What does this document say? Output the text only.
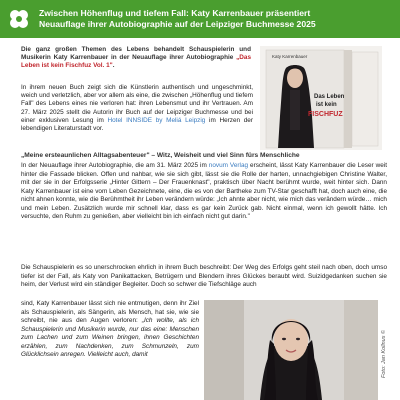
Zwischen Höhenflug und tiefem Fall: Katy Karrenbauer präsentiert
Neuauflage ihrer Autobiographie auf der Leipziger Buchmesse 2025
Die ganz großen Themen des Lebens behandelt Schauspielerin und Musikerin Katy Karrenbauer in der Neuauflage ihrer Autobiographie „Das Leben ist kein Fischfuz Vol. 1".
In ihrem neuen Buch zeigt sich die Künstlerin authentisch und ungeschminkt, weich und verletzlich, aber vor allem als eine, die zwischen „Höhenflug und tiefem Fall" des Lebens eines nie verloren hat: ihren Lebensmut und ihr Vertrauen. Am 27. März 2025 stellt die Autorin ihr Buch auf der Leipziger Buchmesse und bei einer exklusiven Lesung im Hotel INNSIDE by Meliá Leipzig im Herzen der lebendigen Literaturstadt vor.
Katy Karrenbauer
Das Leben
ist kein
FISCHFUZ
„Meine ersteaunlichen Alltagsabenteuer" – Witz, Weisheit und viel Sinn fürs Menschliche
In der Neuauflage ihrer Autobiographie, die am 31. März 2025 im novum Verlag erscheint, lässt Katy Karrenbauer die Leser weit hinter die Fassade blicken. Offen und nahbar, wie sie sich gibt, lässt sie die Rolle der harten, unnachgiebigen Christine Walter, mit der sie in der Erfolgsserie „Hinter Gittern – Der Frauenknast", praktisch über Nacht berühmt wurde, weit hinter sich. Dann Katy Karrenbauer ist eine vom Leben Gezeichnete, eine, die es von der Bartheke zum TV-Star geschafft hat, doch auch eine, die nicht ahnen konnte, wie die Berühmtheit ihr Leben verändern würde: „Ich ahnte aber nicht, wie mich das verändern würde… mich und mein Leben. Zusätzlich wurde mir schnell klar, dass es gar kein Zurück gab. Nicht einmal, wenn ich gewollt hätte. Ich versuchte, den Ruhm zu genießen, aber vielleicht bin ich einfach nicht gut darin."
Die Schauspielerin es so unerschrocken ehrlich in ihrem Buch beschreibt: Der Weg des Erfolgs geht steil nach oben, doch umso tiefer ist der Fall, als Katy von Panikattacken, Betrügern und Blendern ihres Glückes beraubt wird. Suizidgedanken suchen sie heim, der Verlust wird ein ständiger Begleiter. Doch so schwer die Tiefschläge auch
sind, Katy Karrenbauer lässt sich nie entmutigen, denn ihr Ziel als Schauspielerin, als Sängerin, als Mensch, hat sie, wie sie schreibt, nie aus den Augen verloren: „Ich wollte, als ich Schauspielerin und Musikerin wurde, nur das eine: Menschen zum Lachen und zum Weinen bringen, ihnen Geschichten erzählen, zum Nachdenken, zum Schmunzeln, zum Glücklichsein anregen. Vielleicht auch, damit	Foto: Jan Kollnus ©
